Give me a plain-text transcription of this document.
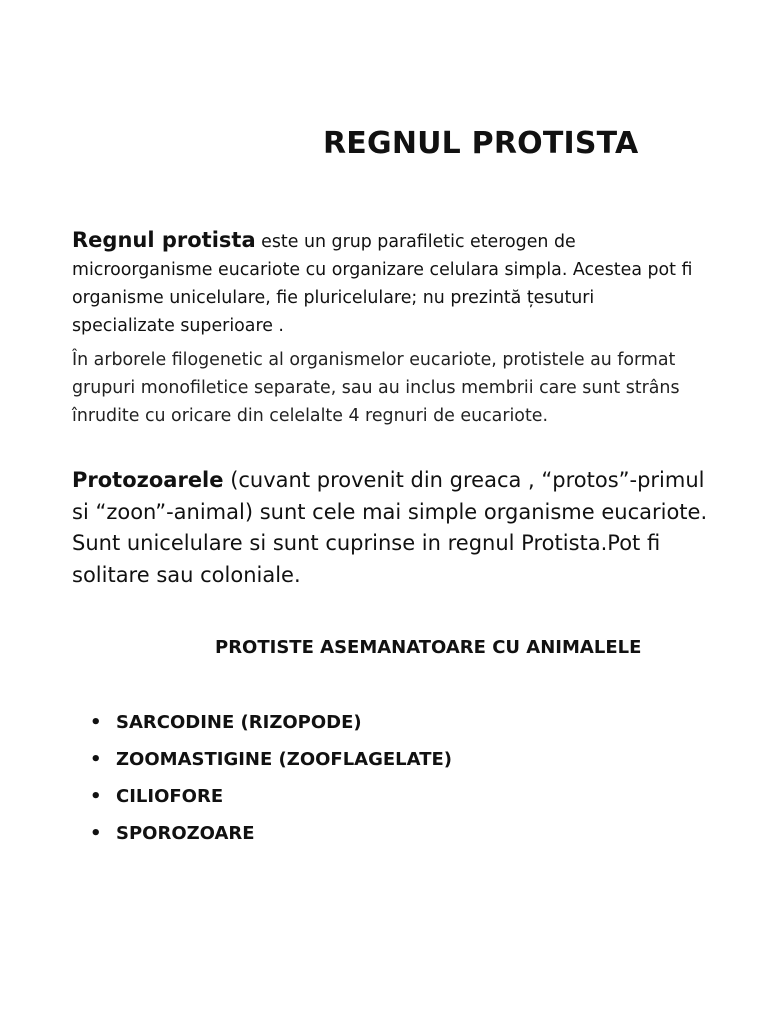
REGNUL PROTISTA

Regnul protista este un grup parafiletic eterogen de microorganisme eucariote cu organizare celulara simpla. Acestea pot fi organisme unicelulare, fie pluricelulare; nu prezintă țesuturi specializate superioare .

În arborele filogenetic al organismelor eucariote, protistele au format grupuri monofiletice separate, sau au inclus membrii care sunt strâns înrudite cu oricare din celelalte 4 regnuri de eucariote.

Protozoarele (cuvant provenit din greaca , “protos”-primul si “zoon”-animal) sunt cele mai simple organisme eucariote. Sunt unicelulare si sunt cuprinse in regnul Protista.Pot fi solitare sau coloniale.

PROTISTE ASEMANATOARE CU ANIMALELE
• SARCODINE (RIZOPODE)
• ZOOMASTIGINE (ZOOFLAGELATE)
• CILIOFORE
• SPOROZOARE
